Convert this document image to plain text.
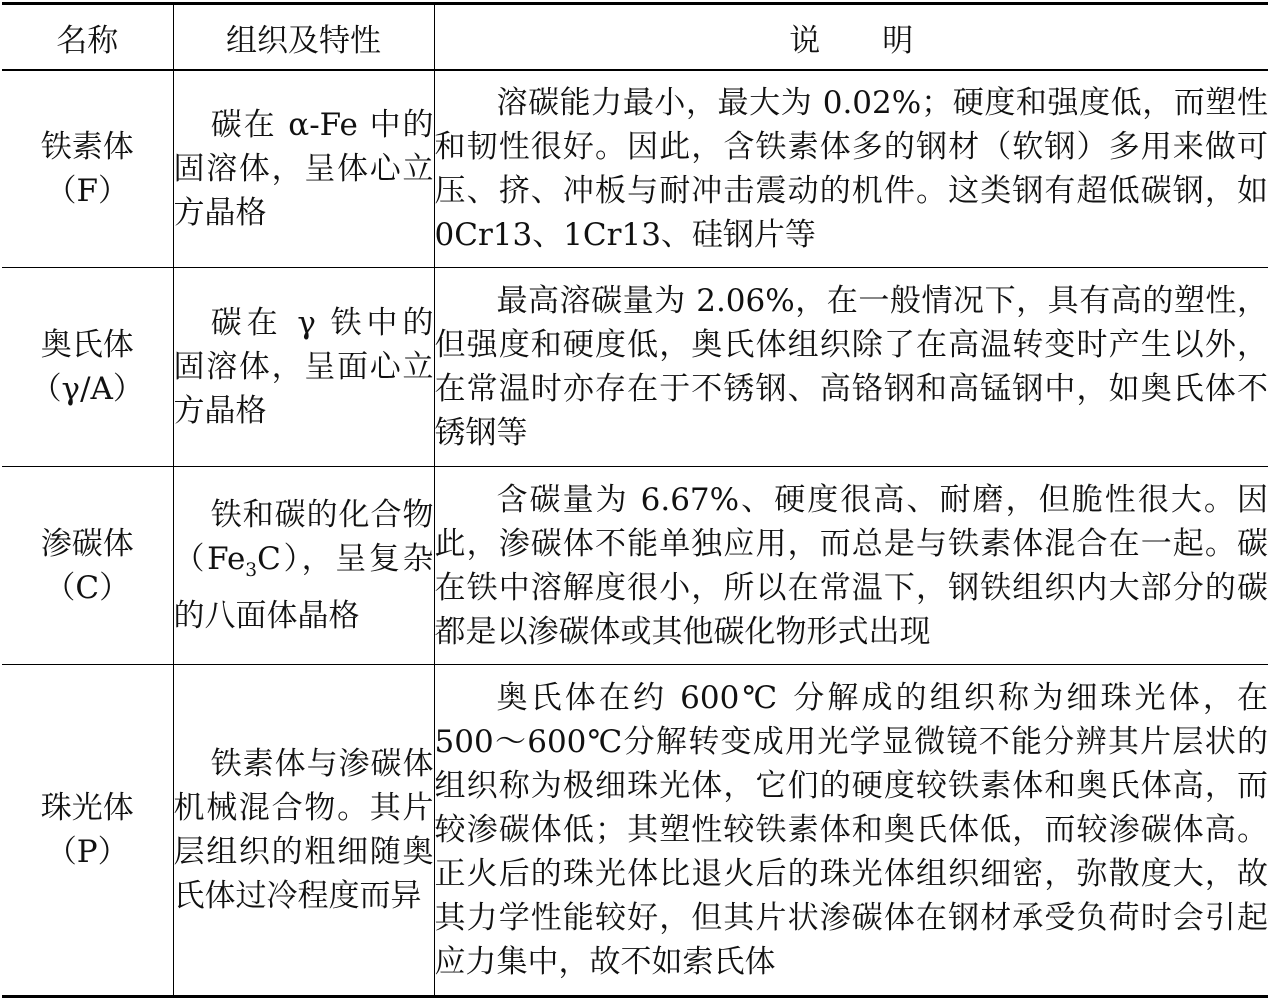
名称	组织及特性	说明

铁素体
（F）	碳在 α-Fe 中的固溶体，呈体心立方晶格	溶碳能力最小，最大为 0.02%；硬度和强度低，而塑性和韧性很好。因此，含铁素体多的钢材（软钢）多用来做可压、挤、冲板与耐冲击震动的机件。这类钢有超低碳钢，如 0Cr13、1Cr13、硅钢片等

奥氏体
（γ/A）	碳在 γ 铁中的固溶体，呈面心立方晶格	最高溶碳量为 2.06%，在一般情况下，具有高的塑性，但强度和硬度低，奥氏体组织除了在高温转变时产生以外，在常温时亦存在于不锈钢、高铬钢和高锰钢中，如奥氏体不锈钢等

渗碳体
（C）	铁和碳的化合物$(Fe_3C)$，呈复杂的八面体晶格	含碳量为 6.67%、硬度很高、耐磨，但脆性很大。因此，渗碳体不能单独应用，而总是与铁素体混合在一起。碳在铁中溶解度很小，所以在常温下，钢铁组织内大部分的碳都是以渗碳体或其他碳化物形式出现

珠光体
（P）	铁素体与渗碳体机械混合物。其片层组织的粗细随奥氏体过冷程度而异	奥氏体在约 600℃ 分解成的组织称为细珠光体，在 500～600℃分解转变成用光学显微镜不能分辨其片层状的组织称为极细珠光体，它们的硬度较铁素体和奥氏体高，而较渗碳体低；其塑性较铁素体和奥氏体低，而较渗碳体高。正火后的珠光体比退火后的珠光体组织细密，弥散度大，故其力学性能较好，但其片状渗碳体在钢材承受负荷时会引起应力集中，故不如索氏体
